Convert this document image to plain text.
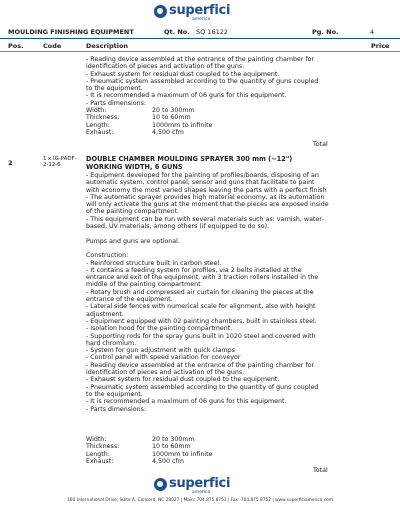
superfici
america
MOULDING FINISHING EQUIPMENT	Qt. No. SQ 16122	Pg. No.	4
Pos.	Code	Description	Price
- Reading device assembled at the entrance of the painting chamber for
identification of pieces and activation of the guns.
- Exhaust system for residual dust coupled to the equipment.
- Pneumatic system assembled according to the quantity of guns coupled
to the equipment.
- It is recommended a maximum of 06 guns for this equipment.
- Parts dimensions:
Width:	20 to 300mm
Thickness:	10 to 60mm
Length:	1000mm to infinite
Exhaust:	4,500 cfm
Total
2	1 x IG-PADF-
2-12-6
DOUBLE CHAMBER MOULDING SPRAYER 300 mm (~12")
WORKING WIDTH, 6 GUNS
- Equipment developed for the painting of profiles/boards, disposing of an
automatic system, control panel, sensor and guns that facilitate to paint
with economy the most varied shapes leaving the parts with a perfect finish
- The automatic sprayer provides high material economy, as its automation
will only activate the guns at the moment that the pieces are exposed inside
of the painting compartment.
- This equipment can be run with several materials such as: varnish, water-
based, UV materials, among others (if equipped to do so).

Pumps and guns are optional.

Construction:
- Reinforced structure built in carbon steel.
- It contains a feeding system for profiles, via 2 belts installed at the
entrance and exit of the equipment, with 3 traction rollers installed in the
middle of the painting compartment
- Rotary brush and compressed air curtain for cleaning the pieces at the
entrance of the equipment.
- Lateral side fences with numerical scale for alignment, also with height
adjustment.
- Equipment equipped with 02 painting chambers, built in stainless steel.
- Isolation hood for the painting compartment.
- Supporting rods for the spray guns built in 1020 steel and covered with
hard chromium.
- System for gun adjustment with quick clamps
- Control panel with speed variation for conveyor
- Reading device assembled at the entrance of the painting chamber for
identification of pieces and activation of the guns.
- Exhaust system for residual dust coupled to the equipment.
- Pneumatic system assembled according to the quantity of guns coupled
to the equipment.
- It is recommended a maximum of 06 guns for this equipment.
- Parts dimensions:
Width:	20 to 300mm
Thickness:	10 to 60mm
Length:	1000mm to infinite
Exhaust:	4,500 cfm
Total
superfici
america
160 International Drive, Suite A, Concord, NC 28027 | Main: 704.875.8751 | Fax: 704.875.8752 | www.superficiamerica.com
